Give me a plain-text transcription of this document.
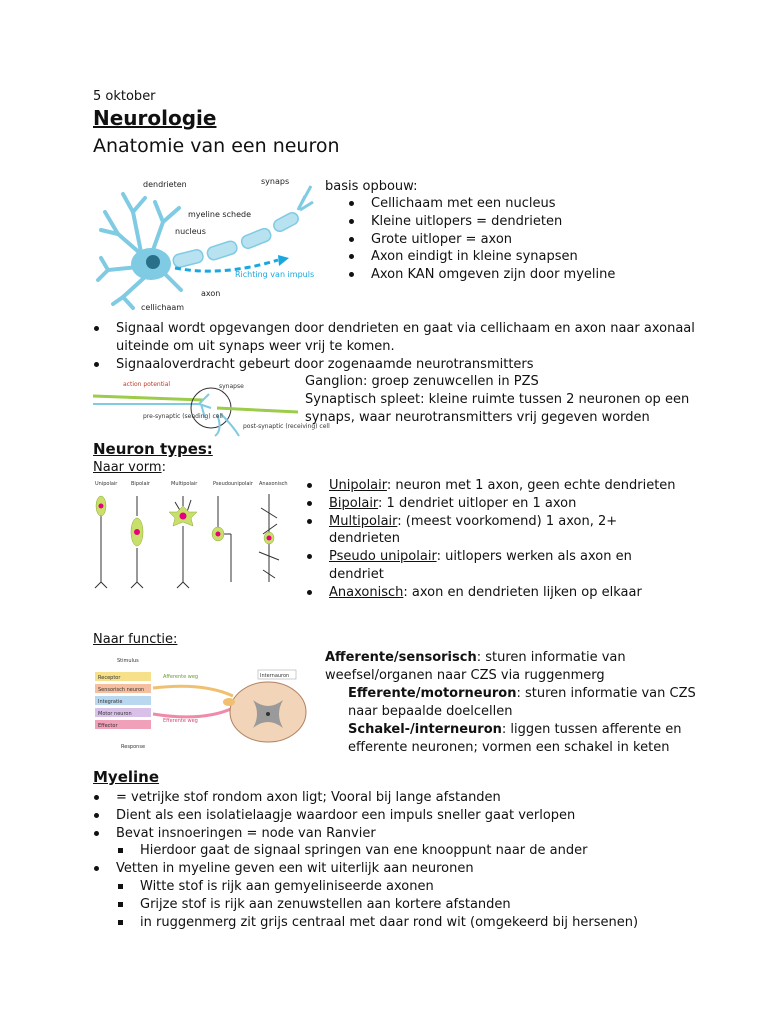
5 oktober
Neurologie
Anatomie van een neuron
dendrieten	synaps
myeline schede
nucleus
axon
cellichaam
Richting van impuls
basis opbouw:
Cellichaam met een nucleus
Kleine uitlopers = dendrieten
Grote uitloper = axon
Axon eindigt in kleine synapsen
Axon KAN omgeven zijn door myeline
Signaal wordt opgevangen door dendrieten en gaat via cellichaam en axon naar axonaal
uiteinde om uit synaps weer vrij te komen.
Signaaloverdracht gebeurt door zogenaamde neurotransmitters
action potential	synapse
pre-synaptic (sending) cell
post-synaptic (receiving) cell
Ganglion: groep zenuwcellen in PZS
Synaptisch spleet: kleine ruimte tussen 2 neuronen op een
synaps, waar neurotransmitters vrij gegeven worden
Neuron types:
Naar vorm:
Unipolair	Bipolair	Multipolair	Pseudounipolair Anaxonisch	Unipolair: neuron met 1 axon, geen echte dendrieten
Bipolair: 1 dendriet uitloper en 1 axon
Multipolair: (meest voorkomend) 1 axon, 2+
dendrieten
Pseudo unipolair: uitlopers werken als axon en
dendriet
Anaxonisch: axon en dendrieten lijken op elkaar
Naar functie:
Stimulus
Receptor
Sensorisch neuron
Integratie
Motor neuron
Effector
Response
Internauron
Afferente weg
Efferente weg
Afferente/sensorisch: sturen informatie van
weefsel/organen naar CZS via ruggenmerg
Efferente/motorneuron: sturen informatie van CZS
naar bepaalde doelcellen
Schakel-/interneuron: liggen tussen afferente en
efferente neuronen; vormen een schakel in keten
Myeline
= vetrijke stof rondom axon ligt; Vooral bij lange afstanden
Dient als een isolatielaagje waardoor een impuls sneller gaat verlopen
Bevat insnoeringen = node van Ranvier
Hierdoor gaat de signaal springen van ene knooppunt naar de ander
Vetten in myeline geven een wit uiterlijk aan neuronen
Witte stof is rijk aan gemyeliniseerde axonen
Grijze stof is rijk aan zenuwstellen aan kortere afstanden
in ruggenmerg zit grijs centraal met daar rond wit (omgekeerd bij hersenen)
